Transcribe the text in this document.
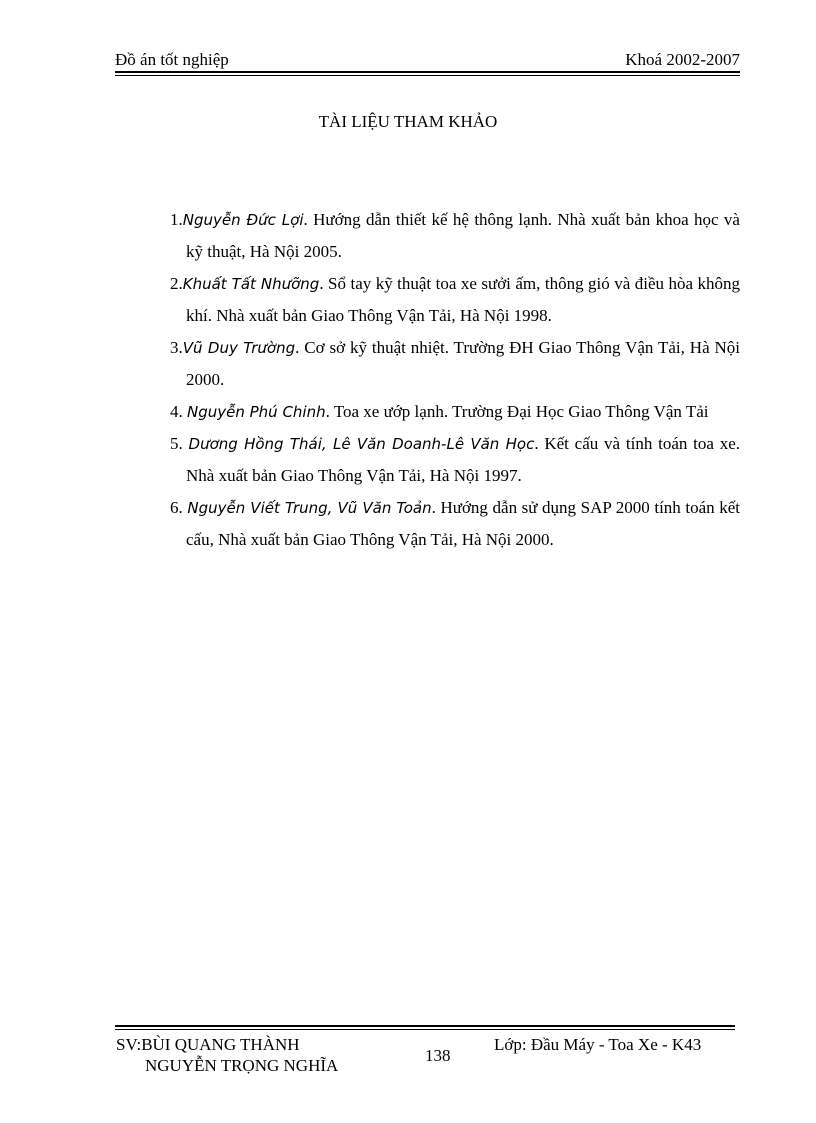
Đồ án tốt nghiệp	Khoá 2002-2007
TÀI LIỆU THAM KHẢO

1.Nguyễn Đức Lợi. Hướng dẫn thiết kế hệ thông lạnh. Nhà xuất bản khoa học và kỹ thuật, Hà Nội 2005.

2.Khuất Tất Nhưỡng. Sổ tay kỹ thuật toa xe sưởi ấm, thông gió và điều hòa không khí. Nhà xuất bản Giao Thông Vận Tải, Hà Nội 1998.

3.Vũ Duy Trường. Cơ sở kỹ thuật nhiệt. Trường ĐH Giao Thông Vận Tải, Hà Nội 2000.

4. Nguyễn Phú Chinh. Toa xe ướp lạnh. Trường Đại Học Giao Thông Vận Tải

5. Dương Hồng Thái, Lê Văn Doanh-Lê Văn Học. Kết cấu và tính toán toa xe. Nhà xuất bản Giao Thông Vận Tải, Hà Nội 1997.

6. Nguyễn Viết Trung, Vũ Văn Toản. Hướng dẫn sử dụng SAP 2000 tính toán kết cấu, Nhà xuất bản Giao Thông Vận Tải, Hà Nội 2000.

SV:BÙI QUANG THÀNH
NGUYỄN TRỌNG NGHĨA
138
Lớp: Đầu Máy - Toa Xe - K43
